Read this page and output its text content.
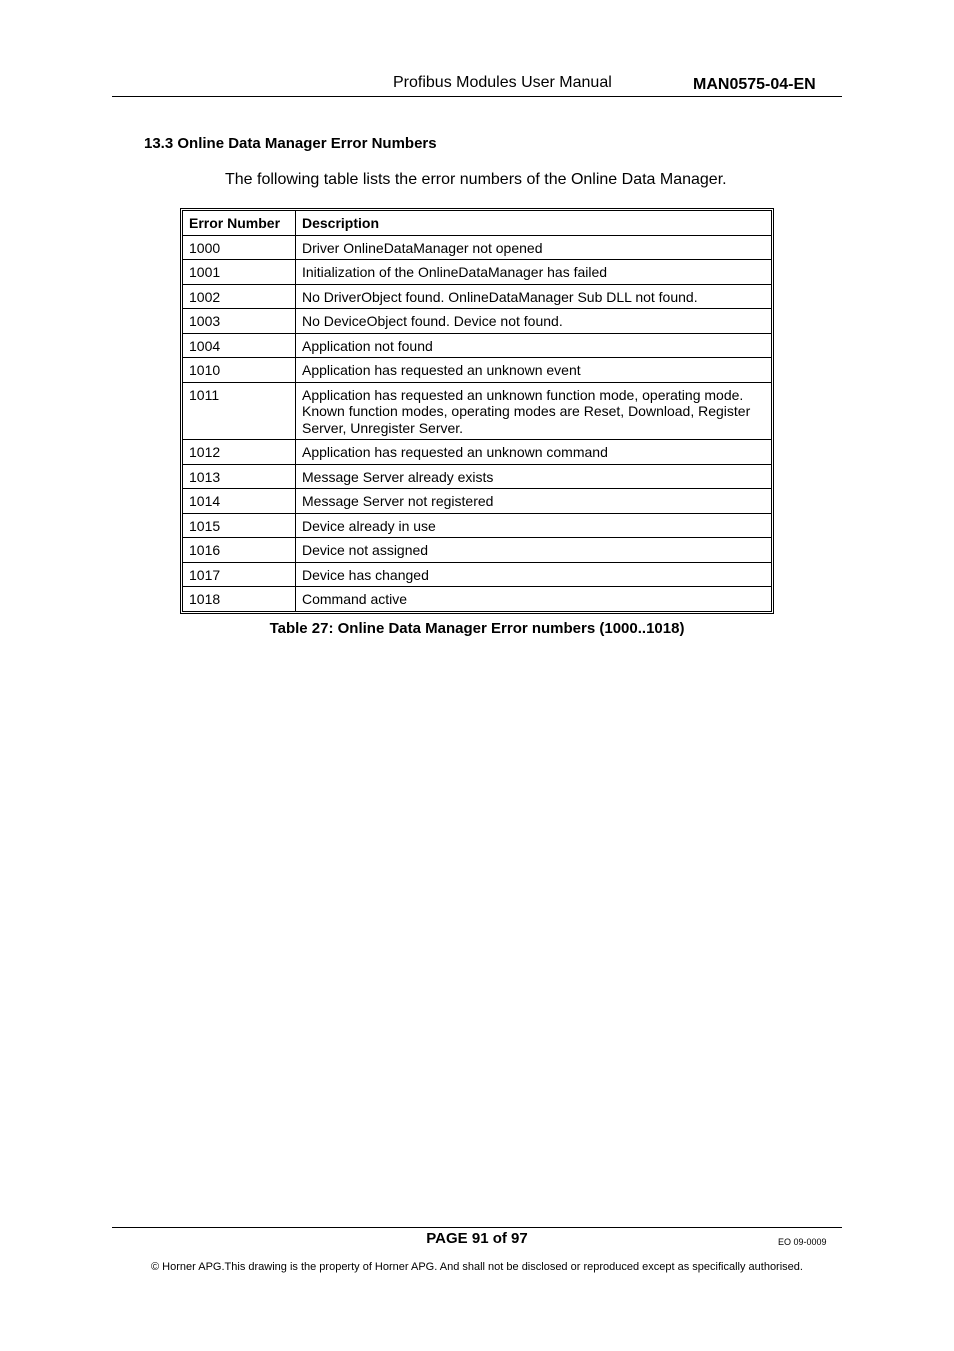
Profibus Modules User Manual	MAN0575-04-EN
13.3 Online Data Manager Error Numbers
The following table lists the error numbers of the Online Data Manager.
Error Number	Description
1000	Driver OnlineDataManager not opened
1001	Initialization of the OnlineDataManager has failed
1002	No DriverObject found. OnlineDataManager Sub DLL not found.
1003	No DeviceObject found. Device not found.
1004	Application not found
1010	Application has requested an unknown event
1011	Application has requested an unknown function mode, operating mode. Known function modes, operating modes are Reset, Download, Register Server, Unregister Server.
1012	Application has requested an unknown command
1013	Message Server already exists
1014	Message Server not registered
1015	Device already in use
1016	Device not assigned
1017	Device has changed
1018	Command active
Table 27: Online Data Manager Error numbers (1000..1018)
PAGE 91 of 97	EO 09-0009
© Horner APG.This drawing is the property of Horner APG. And shall not be disclosed or reproduced except as specifically authorised.
